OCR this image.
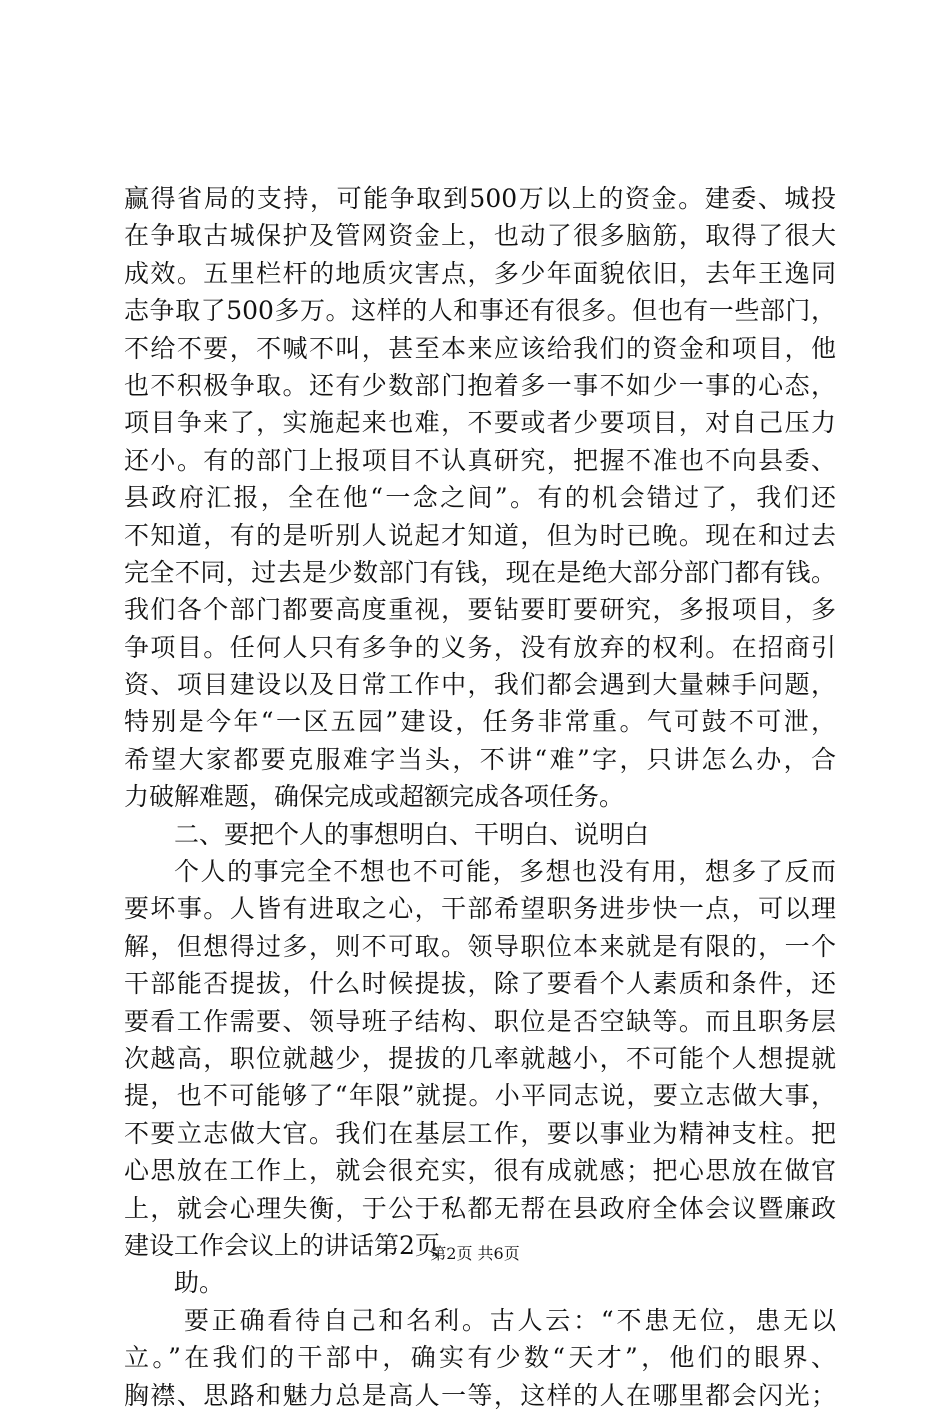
赢得省局的支持，可能争取到500万以上的资金。建委、城投
在争取古城保护及管网资金上，也动了很多脑筋，取得了很大
成效。五里栏杆的地质灾害点，多少年面貌依旧，去年王逸同
志争取了500多万。这样的人和事还有很多。但也有一些部门，
不给不要，不喊不叫，甚至本来应该给我们的资金和项目，他
也不积极争取。还有少数部门抱着多一事不如少一事的心态，
项目争来了，实施起来也难，不要或者少要项目，对自己压力
还小。有的部门上报项目不认真研究，把握不准也不向县委、
县政府汇报，全在他“一念之间”。有的机会错过了，我们还
不知道，有的是听别人说起才知道，但为时已晚。现在和过去
完全不同，过去是少数部门有钱，现在是绝大部分部门都有钱。
我们各个部门都要高度重视，要钻要盯要研究，多报项目，多
争项目。任何人只有多争的义务，没有放弃的权利。在招商引
资、项目建设以及日常工作中，我们都会遇到大量棘手问题，
特别是今年“一区五园”建设，任务非常重。气可鼓不可泄，
希望大家都要克服难字当头，不讲“难”字，只讲怎么办，合
力破解难题，确保完成或超额完成各项任务。
二、要把个人的事想明白、干明白、说明白
个人的事完全不想也不可能，多想也没有用，想多了反而
要坏事。人皆有进取之心，干部希望职务进步快一点，可以理
解，但想得过多，则不可取。领导职位本来就是有限的，一个
干部能否提拔，什么时候提拔，除了要看个人素质和条件，还
要看工作需要、领导班子结构、职位是否空缺等。而且职务层
次越高，职位就越少，提拔的几率就越小，不可能个人想提就
提，也不可能够了“年限”就提。小平同志说，要立志做大事，
不要立志做大官。我们在基层工作，要以事业为精神支柱。把
心思放在工作上，就会很充实，很有成就感；把心思放在做官
上，就会心理失衡，于公于私都无帮在县政府全体会议暨廉政
建设工作会议上的讲话第2页
助。
要正确看待自己和名利。古人云：“不患无位，患无以
立。”在我们的干部中，确实有少数“天才”，他们的眼界、
胸襟、思路和魅力总是高人一等，这样的人在哪里都会闪光；
第2页 共6页
